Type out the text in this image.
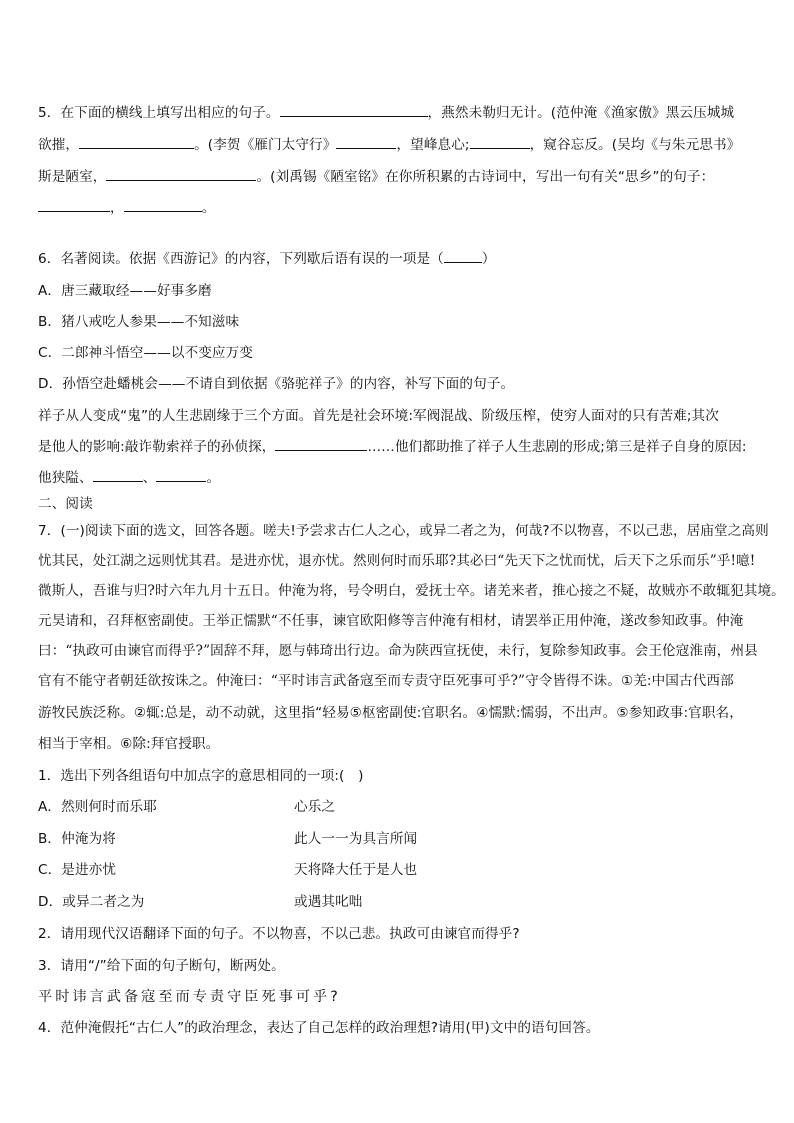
5．在下面的横线上填写出相应的句子。	，燕然未勒归无计。(范仲淹《渔家傲》黑云压城城
欲摧，	。(李贺《雁门太守行》	，望峰息心;	，窥谷忘反。(吴均《与朱元思书》
斯是陋室，	。(刘禹锡《陋室铭》在你所积累的古诗词中，写出一句有关“思乡”的句子：
，	。
6．名著阅读。依据《西游记》的内容，下列歇后语有误的一项是（	）
A．唐三藏取经——好事多磨
B．猪八戒吃人参果——不知滋味
C．二郎神斗悟空——以不变应万变
D．孙悟空赴蟠桃会——不请自到依据《骆驼祥子》的内容，补写下面的句子。
祥子从人变成“鬼”的人生悲剧缘于三个方面。首先是社会环境:军阀混战、阶级压榨，使穷人面对的只有苦难;其次
是他人的影响:敲诈勒索祥子的孙侦探，	……他们都助推了祥子人生悲剧的形成;第三是祥子自身的原因:
他狭隘、	、	。
二、阅读
7．(一)阅读下面的选文，回答各题。嗟夫!予尝求古仁人之心，或异二者之为，何哉?不以物喜，不以己悲，居庙堂之高则
忧其民，处江湖之远则忧其君。是进亦忧，退亦忧。然则何时而乐耶?其必曰“先天下之忧而忧，后天下之乐而乐”乎!噫!
微斯人，吾谁与归?时六年九月十五日。仲淹为将，号令明白，爱抚士卒。诸羌来者，推心接之不疑，故贼亦不敢辄犯其境。
元昊请和，召拜枢密副使。王举正懦默“不任事，谏官欧阳修等言仲淹有相材，请罢举正用仲淹，遂改参知政事。仲淹
曰：“执政可由谏官而得乎?”固辞不拜，愿与韩琦出行边。命为陕西宣抚使，未行，复除参知政事。会王伦寇淮南，州县
官有不能守者朝廷欲按诛之。仲淹曰：“平时讳言武备寇至而专责守臣死事可乎?”守令皆得不诛。①羌:中国古代西部
游牧民族泛称。②辄:总是，动不动就，这里指“轻易⑤枢密副使:官职名。④懦默:懦弱，不出声。⑤参知政事:官职名，
相当于宰相。⑥除:拜官授职。
1．选出下列各组语句中加点字的意思相同的一项:(　)
A．然则何时而乐耶	心乐之
B．仲淹为将	此人一一为具言所闻
C．是进亦忧	天将降大任于是人也
D．或异二者之为	或遇其叱咄
2．请用现代汉语翻译下面的句子。不以物喜，不以己悲。执政可由谏官而得乎?
3．请用“/”给下面的句子断句，断两处。
平时讳言武备寇至而专责守臣死事可乎?
4．范仲淹假托“古仁人”的政治理念，表达了自己怎样的政治理想?请用(甲)文中的语句回答。
